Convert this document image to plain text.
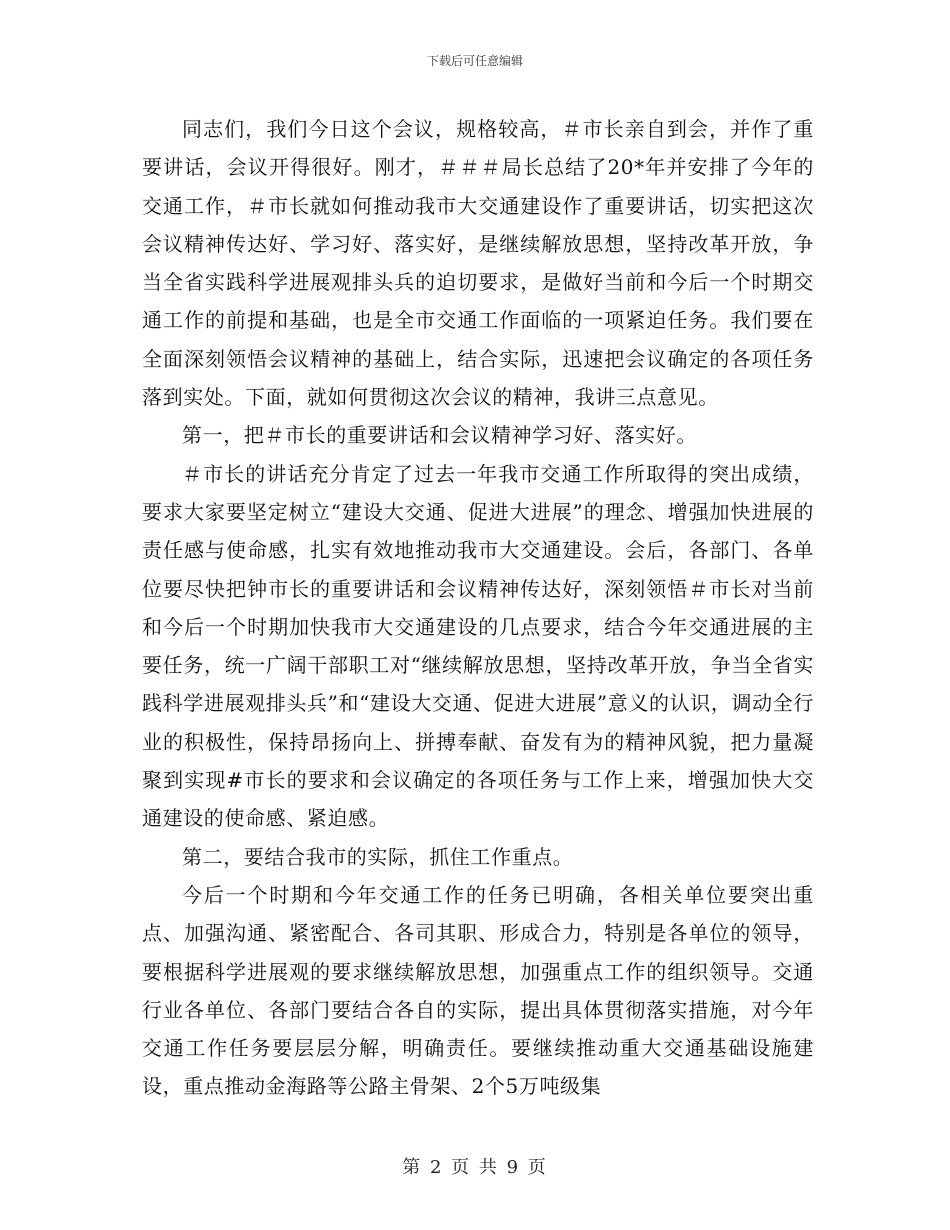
下载后可任意编辑

同志们，我们今日这个会议，规格较高，＃市长亲自到会，并作了重要讲话，会议开得很好。刚才，＃＃＃局长总结了20*年并安排了今年的交通工作，＃市长就如何推动我市大交通建设作了重要讲话，切实把这次会议精神传达好、学习好、落实好，是继续解放思想，坚持改革开放，争当全省实践科学进展观排头兵的迫切要求，是做好当前和今后一个时期交通工作的前提和基础，也是全市交通工作面临的一项紧迫任务。我们要在全面深刻领悟会议精神的基础上，结合实际，迅速把会议确定的各项任务落到实处。下面，就如何贯彻这次会议的精神，我讲三点意见。

第一，把＃市长的重要讲话和会议精神学习好、落实好。

＃市长的讲话充分肯定了过去一年我市交通工作所取得的突出成绩，要求大家要坚定树立“建设大交通、促进大进展”的理念、增强加快进展的责任感与使命感，扎实有效地推动我市大交通建设。会后，各部门、各单位要尽快把钟市长的重要讲话和会议精神传达好，深刻领悟＃市长对当前和今后一个时期加快我市大交通建设的几点要求，结合今年交通进展的主要任务，统一广阔干部职工对“继续解放思想，坚持改革开放，争当全省实践科学进展观排头兵”和“建设大交通、促进大进展”意义的认识，调动全行业的积极性，保持昂扬向上、拼搏奉献、奋发有为的精神风貌，把力量凝聚到实现#市长的要求和会议确定的各项任务与工作上来，增强加快大交通建设的使命感、紧迫感。

第二，要结合我市的实际，抓住工作重点。

今后一个时期和今年交通工作的任务已明确，各相关单位要突出重点、加强沟通、紧密配合、各司其职、形成合力，特别是各单位的领导，要根据科学进展观的要求继续解放思想，加强重点工作的组织领导。交通行业各单位、各部门要结合各自的实际，提出具体贯彻落实措施，对今年交通工作任务要层层分解，明确责任。要继续推动重大交通基础设施建设，重点推动金海路等公路主骨架、2个5万吨级集

第 2 页 共 9 页
